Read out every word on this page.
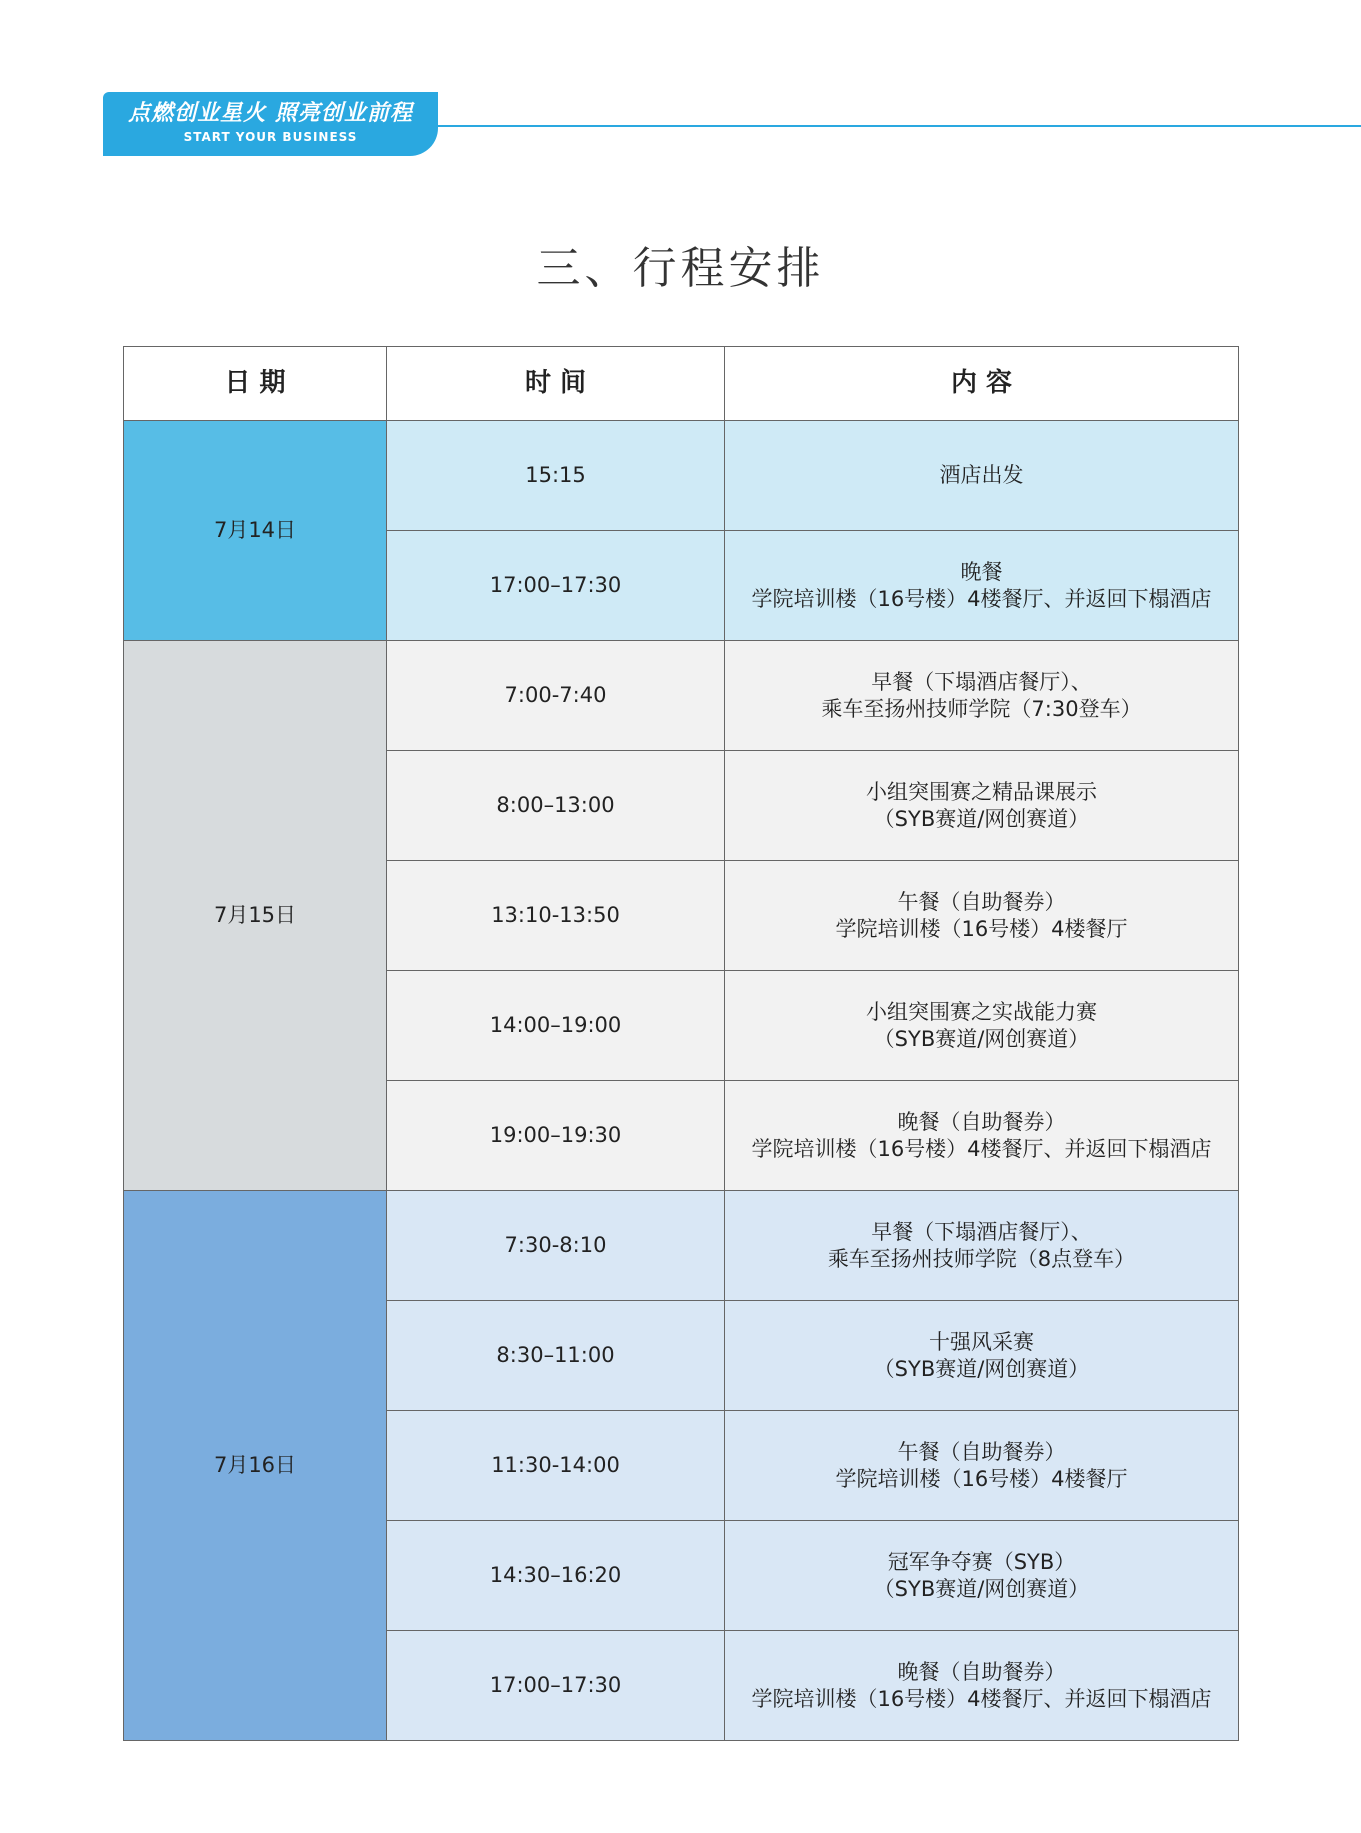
点燃创业星火 照亮创业前程
START YOUR BUSINESS
三、行程安排
日 期	时 间	内 容
7月14日	15:15	酒店出发

	17:00–17:30	晚餐
学院培训楼（16号楼）4楼餐厅、并返回下榻酒店

7月15日	7:00-7:40	早餐（下塌酒店餐厅）、
乘车至扬州技师学院（7:30登车）

	8:00–13:00	小组突围赛之精品课展示
（SYB赛道/网创赛道）

	13:10-13:50	午餐（自助餐券）
学院培训楼（16号楼）4楼餐厅

	14:00–19:00	小组突围赛之实战能力赛
（SYB赛道/网创赛道）

	19:00–19:30	晚餐（自助餐券）
学院培训楼（16号楼）4楼餐厅、并返回下榻酒店

7月16日	7:30-8:10	早餐（下塌酒店餐厅）、
乘车至扬州技师学院（8点登车）

	8:30–11:00	十强风采赛
（SYB赛道/网创赛道）

	11:30-14:00	午餐（自助餐券）
学院培训楼（16号楼）4楼餐厅

	14:30–16:20	冠军争夺赛（SYB）
（SYB赛道/网创赛道）

	17:00–17:30	晚餐（自助餐券）
学院培训楼（16号楼）4楼餐厅、并返回下榻酒店
